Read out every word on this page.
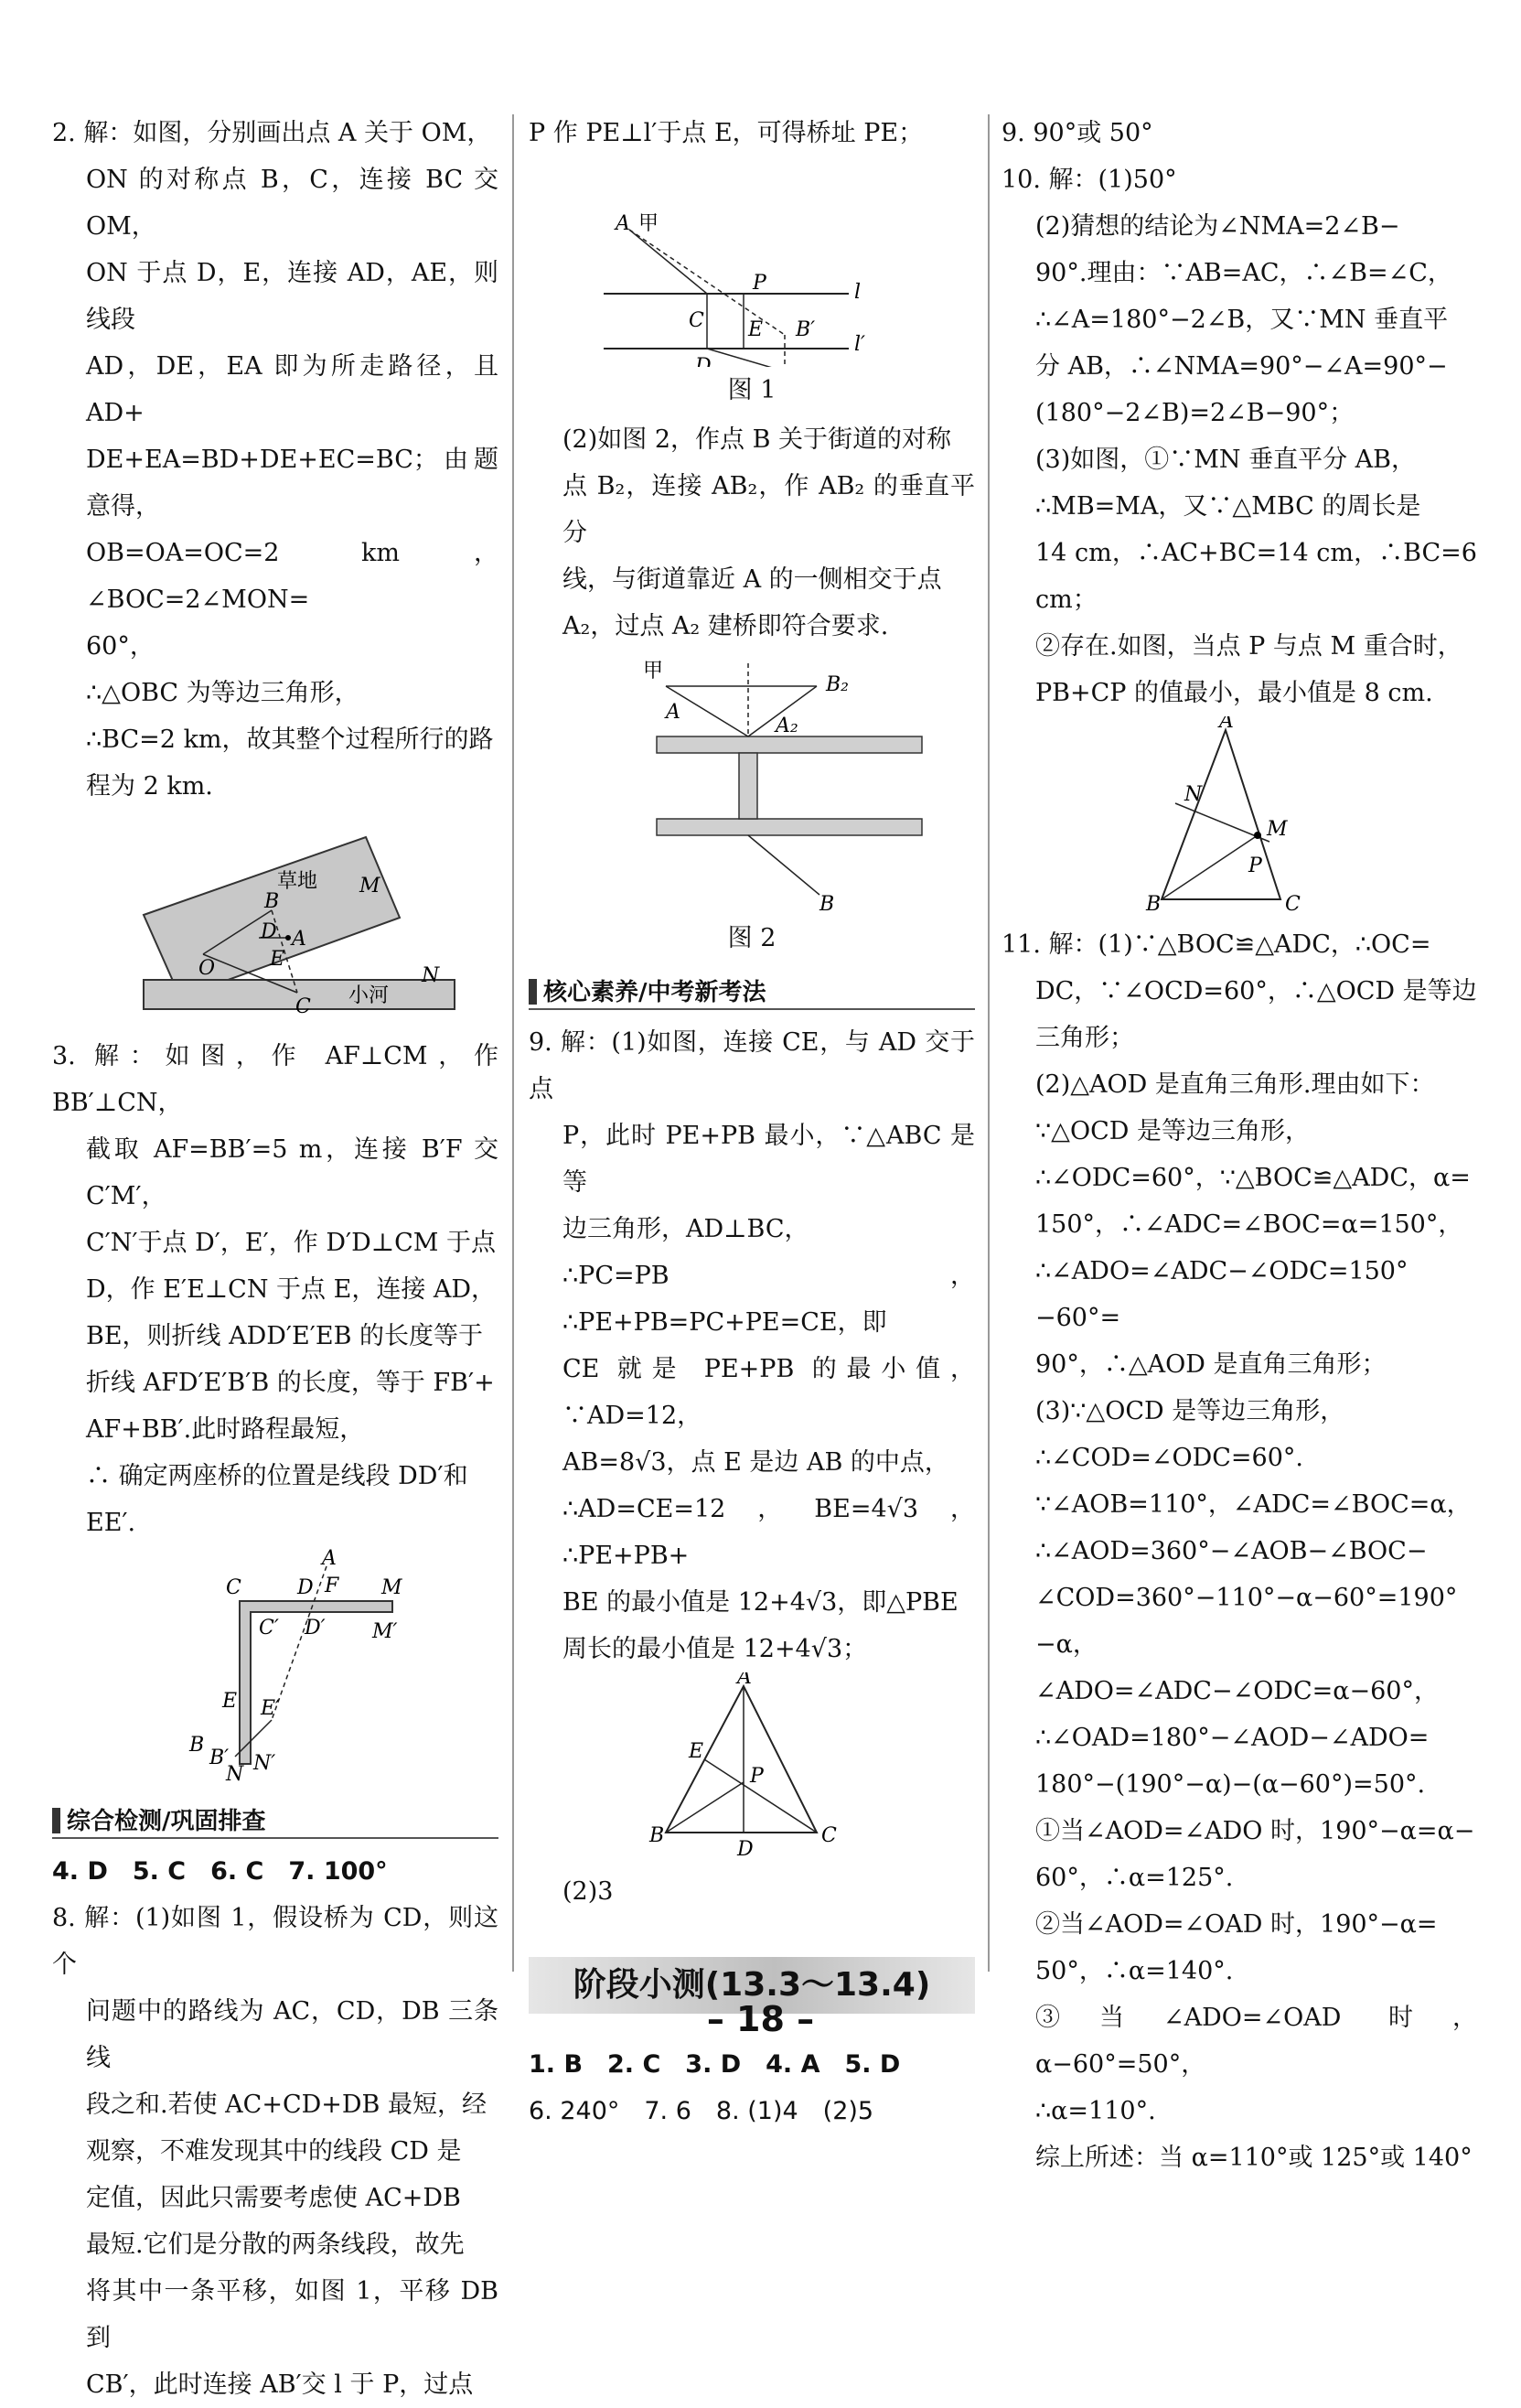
2. 解：如图，分别画出点 A 关于 OM，

ON 的对称点 B，C，连接 BC 交OM，

ON 于点 D，E，连接 AD，AE，则线段

AD，DE，EA 即为所走路径，且 AD+

DE+EA=BD+DE+EC=BC；由题意得，

OB=OA=OC=2 km，∠BOC=2∠MON=

60°，

∴△OBC 为等边三角形，

∴BC=2 km，故其整个过程所行的路

程为 2 km.

草地
小河
B
D A
E
C
O
M
N

3. 解：如图，作 AF⊥CM，作 BB′⊥CN，

截取 AF=BB′=5 m，连接 B′F 交 C′M′，

C′N′于点 D′，E′，作 D′D⊥CM 于点

D，作 E′E⊥CN 于点 E，连接 AD，

BE，则折线 ADD′E′EB 的长度等于

折线 AFD′E′B′B 的长度，等于 FB′+

AF+BB′.此时路程最短，

∴ 确定两座桥的位置是线段 DD′和

EE′.

A
C	D F M
C′ D′ M′
E E′
B
B′
N N′
综合检测/巩固排查

4. D　5. C　6. C　7. 100°

8. 解：(1)如图 1，假设桥为 CD，则这个

问题中的路线为 AC，CD，DB 三条线

段之和.若使 AC+CD+DB 最短，经

观察，不难发现其中的线段 CD 是

定值，因此只需要考虑使 AC+DB

最短.它们是分散的两条线段，故先

将其中一条平移，如图 1，平移 DB 到

CB′，此时连接 AB′交 l 于 P，过点

P 作 PE⊥l′于点 E，可得桥址 PE；

A 甲
P	l
C	B′
E
l′
D

图 1

(2)如图 2，作点 B 关于街道的对称

点 B₂，连接 AB₂，作 AB₂ 的垂直平分

线，与街道靠近 A 的一侧相交于点

A₂，过点 A₂ 建桥即符合要求.

甲
A
B₂
A₂
B

图 2

核心素养/中考新考法

9. 解：(1)如图，连接 CE，与 AD 交于点

P，此时 PE+PB 最小，∵△ABC 是等

边三角形，AD⊥BC，

∴PC=PB，∴PE+PB=PC+PE=CE，即

CE 就是 PE+PB 的最小值，∵AD=12，

AB=8√3，点 E 是边 AB 的中点，

∴AD=CE=12，BE=4√3，∴PE+PB+

BE 的最小值是 12+4√3，即△PBE

周长的最小值是 12+4√3；

A
E
P
B
D
C

(2)3

阶段小测(13.3～13.4)

1. B　2. C　3. D　4. A　5. D

6. 240°　7. 6　8. (1)4　(2)5

9. 90°或 50°

10. 解：(1)50°

(2)猜想的结论为∠NMA=2∠B−

90°.理由：∵AB=AC，∴∠B=∠C，

∴∠A=180°−2∠B，又∵MN 垂直平

分 AB，∴∠NMA=90°−∠A=90°−

(180°−2∠B)=2∠B−90°；

(3)如图，①∵MN 垂直平分 AB，

∴MB=MA，又∵△MBC 的周长是

14 cm，∴AC+BC=14 cm，∴BC=6 cm；

②存在.如图，当点 P 与点 M 重合时，

PB+CP 的值最小，最小值是 8 cm.

A
N
M
P
B	C

11. 解：(1)∵△BOC≌△ADC，∴OC=

DC，∵∠OCD=60°，∴△OCD 是等边

三角形；

(2)△AOD 是直角三角形.理由如下：

∵△OCD 是等边三角形，

∴∠ODC=60°，∵△BOC≌△ADC，α=

150°，∴∠ADC=∠BOC=α=150°，

∴∠ADO=∠ADC−∠ODC=150°−60°=

90°，∴△AOD 是直角三角形；

(3)∵△OCD 是等边三角形，

∴∠COD=∠ODC=60°.

∵∠AOB=110°，∠ADC=∠BOC=α，

∴∠AOD=360°−∠AOB−∠BOC−

∠COD=360°−110°−α−60°=190°−α，

∠ADO=∠ADC−∠ODC=α−60°，

∴∠OAD=180°−∠AOD−∠ADO=

180°−(190°−α)−(α−60°)=50°.

①当∠AOD=∠ADO 时，190°−α=α−

60°，∴α=125°.

②当∠AOD=∠OAD 时，190°−α=

50°，∴α=140°.

③当∠ADO=∠OAD 时，α−60°=50°，

∴α=110°.

综上所述：当 α=110°或 125°或 140°

– 18 –
